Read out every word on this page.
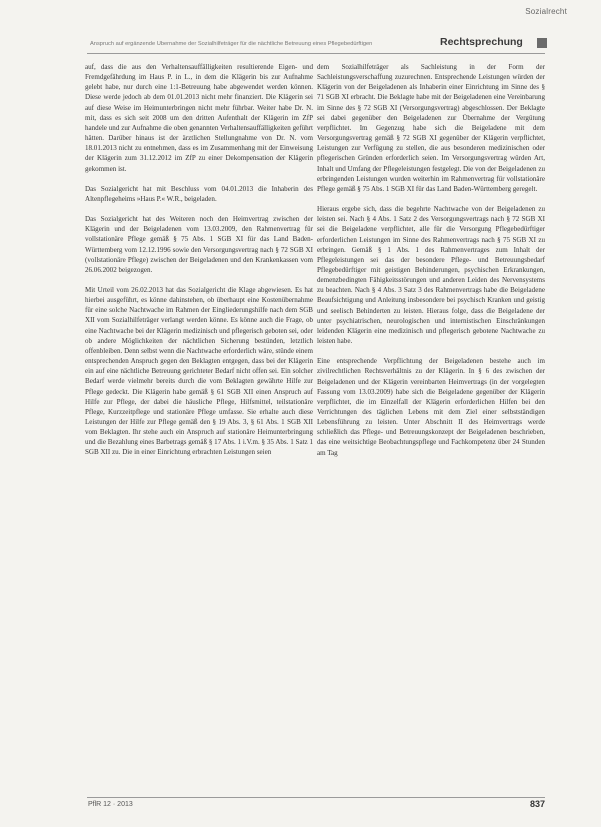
Sozialrecht
Anspruch auf ergänzende Übernahme der Sozialhilfeträger für die nächtliche Betreuung eines Pflegebedürftigen	Rechtsprechung

auf, dass die aus den Verhaltensauffälligkeiten resultierende Eigen- und Fremdgefährdung im Haus P. in L., in dem die Klägerin bis zur Aufnahme gelebt habe, nur durch eine 1:1-Betreuung habe abgewendet werden können. Diese werde jedoch ab dem 01.01.2013 nicht mehr finanziert. Die Klägerin sei auf diese Weise im Heimunterbringen nicht mehr führbar. Weiter habe Dr. N. mit, dass es sich seit 2008 um den dritten Aufenthalt der Klägerin im ZfP handele und zur Aufnahme die oben genannten Verhaltensauffälligkeiten geführt hätten. Darüber hinaus ist der ärztlichen Stellungnahme von Dr. N. vom 18.01.2013 nicht zu entnehmen, dass es im Zusammenhang mit der Einweisung der Klägerin zum 31.12.2012 im ZfP zu einer Dekompensation der Klägerin gekommen ist.

Das Sozialgericht hat mit Beschluss vom 04.01.2013 die Inhaberin des Altenpflegeheims »Haus P.« W.R., beigeladen.

Das Sozialgericht hat des Weiteren noch den Heimvertrag zwischen der Klägerin und der Beigeladenen vom 13.03.2009, den Rahmenvertrag für vollstationäre Pflege gemäß § 75 Abs. 1 SGB XI für das Land Baden-Württemberg vom 12.12.1996 sowie den Versorgungsvertrag nach § 72 SGB XI (vollstationäre Pflege) zwischen der Beigeladenen und den Krankenkassen vom 26.06.2002 beigezogen.

Mit Urteil vom 26.02.2013 hat das Sozialgericht die Klage abgewiesen. Es hat hierbei ausgeführt, es könne dahinstehen, ob überhaupt eine Kostenübernahme für eine solche Nachtwache im Rahmen der Eingliederungshilfe nach dem SGB XII vom Sozialhilfeträger verlangt werden könne. Es könne auch die Frage, ob eine Nachtwache bei der Klägerin medizinisch und pflegerisch geboten sei, oder ob andere Möglichkeiten der nächtlichen Sicherung bestünden, letztlich offenbleiben. Denn selbst wenn die Nachtwache erforderlich wäre, stünde einem entsprechenden Anspruch gegen den Beklagten entgegen, dass bei der Klägerin ein auf eine nächtliche Betreuung gerichteter Bedarf nicht offen sei. Ein solcher Bedarf werde vielmehr bereits durch die vom Beklagten gewährte Hilfe zur Pflege gedeckt. Die Klägerin habe gemäß § 61 SGB XII einen Anspruch auf Hilfe zur Pflege, der dabei die häusliche Pflege, Hilfsmittel, teilstationäre Pflege, Kurzzeitpflege und stationäre Pflege umfasse. Sie erhalte auch diese Leistungen der Hilfe zur Pflege gemäß den § 19 Abs. 3, § 61 Abs. 1 SGB XII vom Beklagten. Ihr stehe auch ein Anspruch auf stationäre Heimunterbringung und die Bezahlung eines Barbetrags gemäß § 17 Abs. 1 i.V.m. § 35 Abs. 1 Satz 1 SGB XII zu. Die in einer Einrichtung erbrachten Leistungen seien

dem Sozialhilfeträger als Sachleistung in der Form der Sachleistungsverschaffung zuzurechnen. Entsprechende Leistungen würden der Klägerin von der Beigeladenen als Inhaberin einer Einrichtung im Sinne des § 71 SGB XI erbracht. Die Beklagte habe mit der Beigeladenen eine Vereinbarung im Sinne des § 72 SGB XI (Versorgungsvertrag) abgeschlossen. Der Beklagte sei dabei gegenüber den Beigeladenen zur Übernahme der Vergütung verpflichtet. Im Gegenzug habe sich die Beigeladene mit dem Versorgungsvertrag gemäß § 72 SGB XI gegenüber der Klägerin verpflichtet, Leistungen zur Verfügung zu stellen, die aus besonderen medizinischen oder pflegerischen Gründen erforderlich seien. Im Versorgungsvertrag würden Art, Inhalt und Umfang der Pflegeleistungen festgelegt. Die von der Beigeladenen zu erbringenden Leistungen wurden weiterhin im Rahmenvertrag für vollstationäre Pflege gemäß § 75 Abs. 1 SGB XI für das Land Baden-Württemberg geregelt.

Hieraus ergebe sich, dass die begehrte Nachtwache von der Beigeladenen zu leisten sei. Nach § 4 Abs. 1 Satz 2 des Versorgungsvertrags nach § 72 SGB XI sei die Beigeladene verpflichtet, alle für die Versorgung Pflegebedürftiger erforderlichen Leistungen im Sinne des Rahmenvertrags nach § 75 SGB XI zu erbringen. Gemäß § 1 Abs. 1 des Rahmenvertrages zum Inhalt der Pflegeleistungen sei das der besondere Pflege- und Betreuungsbedarf Pflegebedürftiger mit geistigen Behinderungen, psychischen Erkrankungen, demenzbedingten Fähigkeitsstörungen und anderen Leiden des Nervensystems zu beachten. Nach § 4 Abs. 3 Satz 3 des Rahmenvertrags habe die Beigeladene Beaufsichtigung und Anleitung insbesondere bei psychisch Kranken und geistig und seelisch Behinderten zu leisten. Hieraus folge, dass die Beigeladene der unter psychiatrischen, neurologischen und internistischen Einschränkungen leidenden Klägerin eine medizinisch und pflegerisch gebotene Nachtwache zu leisten habe.

Eine entsprechende Verpflichtung der Beigeladenen bestehe auch im zivilrechtlichen Rechtsverhältnis zu der Klägerin. In § 6 des zwischen der Beigeladenen und der Klägerin vereinbarten Heimvertrags (in der vorgelegten Fassung vom 13.03.2009) habe sich die Beigeladene gegenüber der Klägerin verpflichtet, die im Einzelfall der Klägerin erforderlichen Hilfen bei den Verrichtungen des täglichen Lebens mit dem Ziel einer selbstständigen Lebensführung zu leisten. Unter Abschnitt II des Heimvertrags werde schließlich das Pflege- und Betreuungskonzept der Beigeladenen beschrieben, das eine weitsichtige Beobachtungspflege und Fachkompetenz über 24 Stunden am Tag

PflR 12 · 2013	837
